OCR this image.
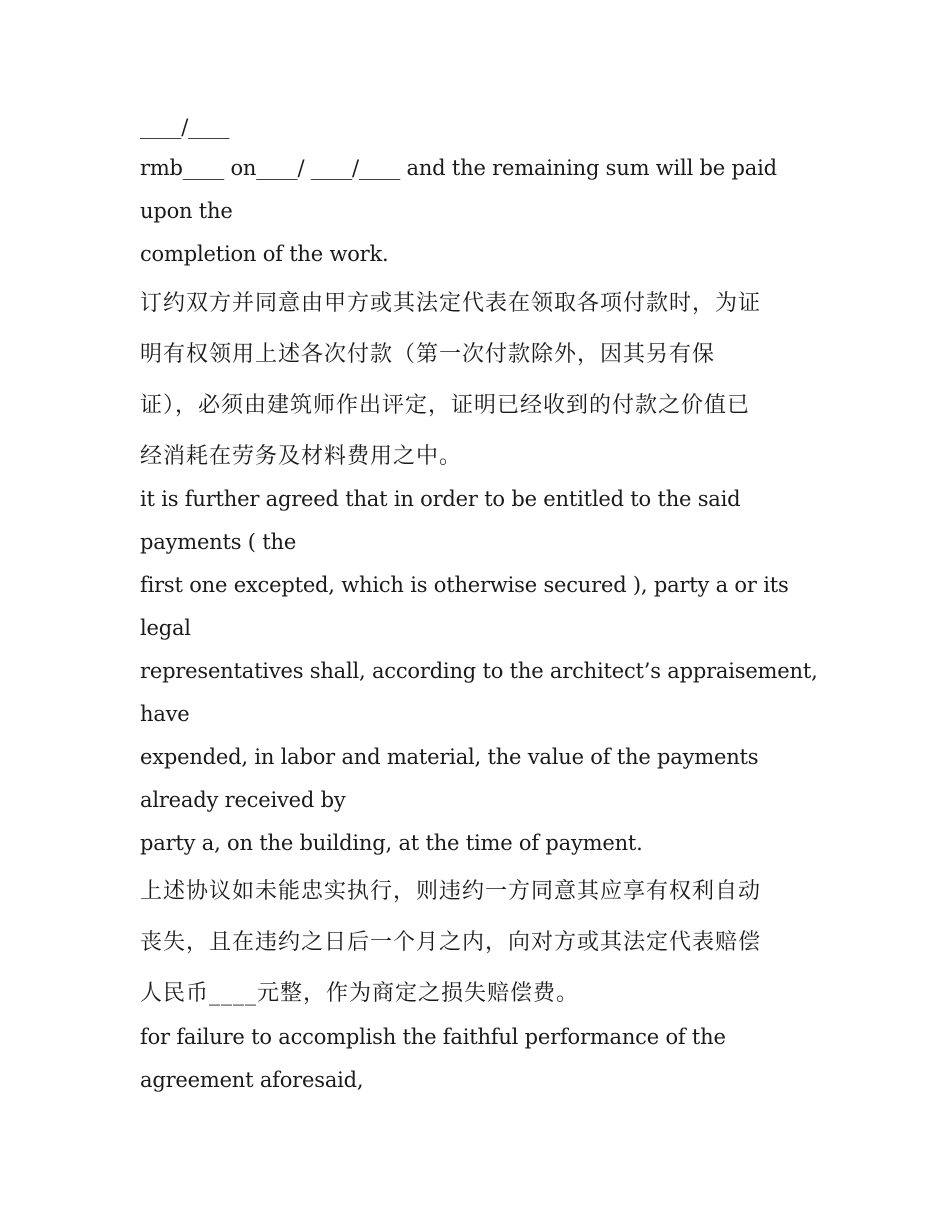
____/____
rmb____ on____/ ____/____ and the remaining sum will be paid
upon the
completion of the work.
订约双方并同意由甲方或其法定代表在领取各项付款时，为证
明有权领用上述各次付款（第一次付款除外，因其另有保
证），必须由建筑师作出评定，证明已经收到的付款之价值已
经消耗在劳务及材料费用之中。
it is further agreed that in order to be entitled to the said
payments ( the
first one excepted, which is otherwise secured ), party a or its
legal
representatives shall, according to the architect’s appraisement,
have
expended, in labor and material, the value of the payments
already received by
party a, on the building, at the time of payment.
上述协议如未能忠实执行，则违约一方同意其应享有权利自动
丧失，且在违约之日后一个月之内，向对方或其法定代表赔偿
人民币____元整，作为商定之损失赔偿费。
for failure to accomplish the faithful performance of the
agreement aforesaid,
